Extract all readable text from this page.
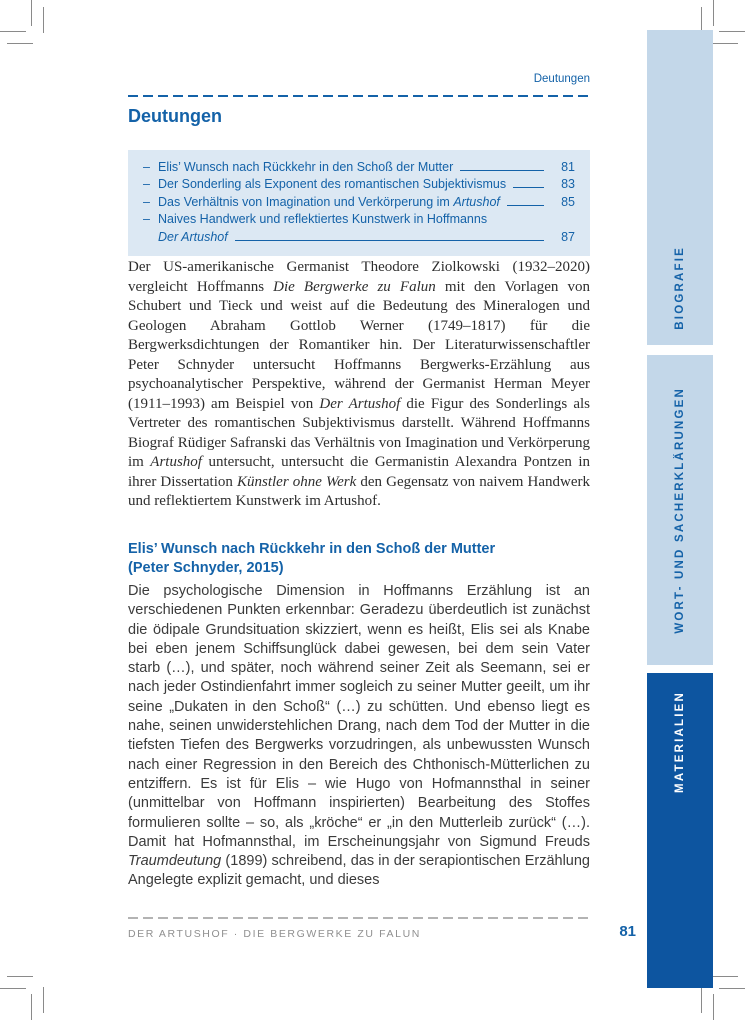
Deutungen
Deutungen
– Elis’ Wunsch nach Rückkehr in den Schoß der Mutter	81
– Der Sonderling als Exponent des romantischen Subjektivismus	83
– Das Verhältnis von Imagination und Verkörperung im Artushof	85
– Naives Handwerk und reflektiertes Kunstwerk in Hoffmanns
Der Artushof	87

Der US-amerikanische Germanist Theodore Ziolkowski (1932–2020) vergleicht Hoffmanns Die Bergwerke zu Falun mit den Vorlagen von Schubert und Tieck und weist auf die Bedeutung des Mineralogen und Geologen Abraham Gottlob Werner (1749–1817) für die Bergwerksdichtungen der Romantiker hin. Der Literaturwissenschaftler Peter Schnyder untersucht Hoffmanns Bergwerks-Erzählung aus psychoanalytischer Perspektive, während der Germanist Herman Meyer (1911–1993) am Beispiel von Der Artushof die Figur des Sonderlings als Vertreter des romantischen Subjektivismus darstellt. Während Hoffmanns Biograf Rüdiger Safranski das Verhältnis von Imagination und Verkörperung im Artushof untersucht, untersucht die Germanistin Alexandra Pontzen in ihrer Dissertation Künstler ohne Werk den Gegensatz von naivem Handwerk und reflektiertem Kunstwerk im Artushof.

Elis’ Wunsch nach Rückkehr in den Schoß der Mutter
(Peter Schnyder, 2015)

Die psychologische Dimension in Hoffmanns Erzählung ist an verschiedenen Punkten erkennbar: Geradezu überdeutlich ist zunächst die ödipale Grundsituation skizziert, wenn es heißt, Elis sei als Knabe bei eben jenem Schiffsunglück dabei gewesen, bei dem sein Vater starb (…), und später, noch während seiner Zeit als Seemann, sei er nach jeder Ostindienfahrt immer sogleich zu seiner Mutter geeilt, um ihr seine „Dukaten in den Schoß“ (…) zu schütten. Und ebenso liegt es nahe, seinen unwiderstehlichen Drang, nach dem Tod der Mutter in die tiefsten Tiefen des Bergwerks vorzudringen, als unbewussten Wunsch nach einer Regression in den Bereich des Chthonisch-Mütterlichen zu entziffern. Es ist für Elis – wie Hugo von Hofmannsthal in seiner (unmittelbar von Hoffmann inspirierten) Bearbeitung des Stoffes formulieren sollte – so, als „kröche“ er „in den Mutterleib zurück“ (…). Damit hat Hofmannsthal, im Erscheinungsjahr von Sigmund Freuds Traumdeutung (1899) schreibend, das in der serapiontischen Erzählung Angelegte explizit gemacht, und dieses

DER ARTUSHOF · DIE BERGWERKE ZU FALUN	81
BIOGRAFIE
WORT- UND SACHERKLÄRUNGEN
MATERIALIEN
